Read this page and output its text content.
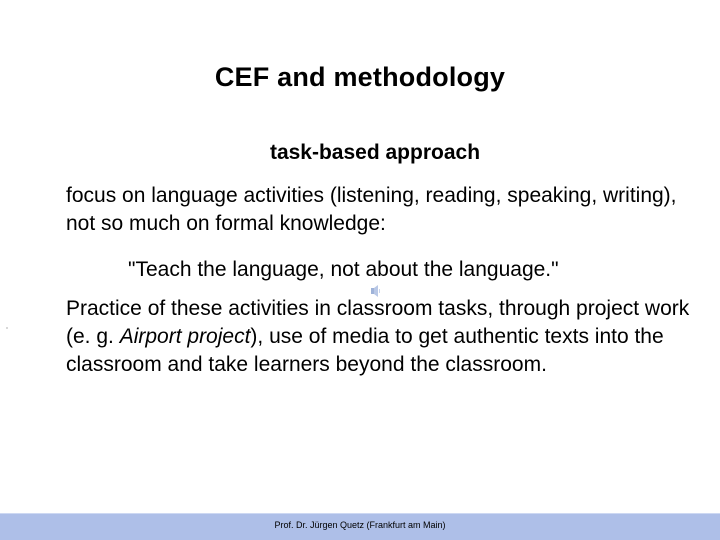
CEF and methodology
task-based approach
focus on language activities (listening, reading, speaking, writing), not so much on formal knowledge:
"Teach the language, not about the language."
Practice of these activities in classroom tasks, through project work (e. g. Airport project), use of media to get authentic texts into the classroom and take learners beyond the classroom.
Prof. Dr. Jürgen Quetz (Frankfurt am Main)
